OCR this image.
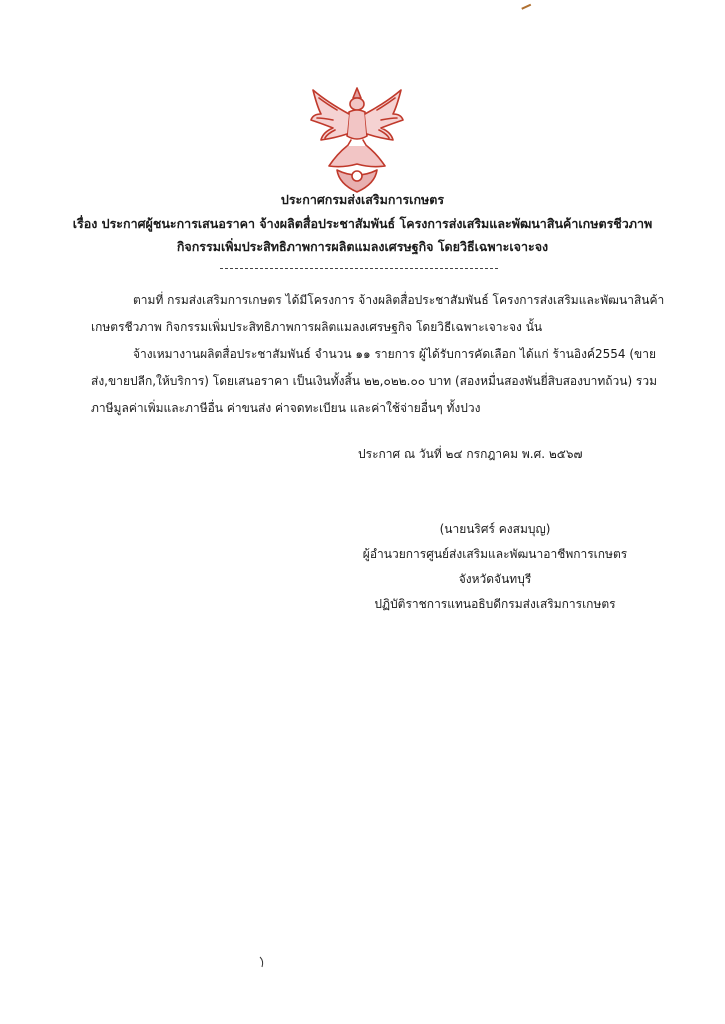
ประกาศกรมส่งเสริมการเกษตร
เรื่อง ประกาศผู้ชนะการเสนอราคา จ้างผลิตสื่อประชาสัมพันธ์ โครงการส่งเสริมและพัฒนาสินค้าเกษตรชีวภาพ
กิจกรรมเพิ่มประสิทธิภาพการผลิตแมลงเศรษฐกิจ โดยวิธีเฉพาะเจาะจง
ตามที่ กรมส่งเสริมการเกษตร ได้มีโครงการ จ้างผลิตสื่อประชาสัมพันธ์ โครงการส่งเสริมและพัฒนาสินค้า
เกษตรชีวภาพ กิจกรรมเพิ่มประสิทธิภาพการผลิตแมลงเศรษฐกิจ โดยวิธีเฉพาะเจาะจง นั้น
จ้างเหมางานผลิตสื่อประชาสัมพันธ์ จำนวน ๑๑ รายการ ผู้ได้รับการคัดเลือก ได้แก่ ร้านอิงค์2554 (ขาย
ส่ง,ขายปลีก,ให้บริการ) โดยเสนอราคา เป็นเงินทั้งสิ้น ๒๒,๐๒๒.๐๐ บาท (สองหมื่นสองพันยี่สิบสองบาทถ้วน) รวม
ภาษีมูลค่าเพิ่มและภาษีอื่น ค่าขนส่ง ค่าจดทะเบียน และค่าใช้จ่ายอื่นๆ ทั้งปวง
ประกาศ ณ วันที่ ๒๔ กรกฎาคม พ.ศ. ๒๕๖๗
(นายนริศร์ คงสมบุญ)
ผู้อำนวยการศูนย์ส่งเสริมและพัฒนาอาชีพการเกษตร
จังหวัดจันทบุรี
ปฏิบัติราชการแทนอธิบดีกรมส่งเสริมการเกษตร
